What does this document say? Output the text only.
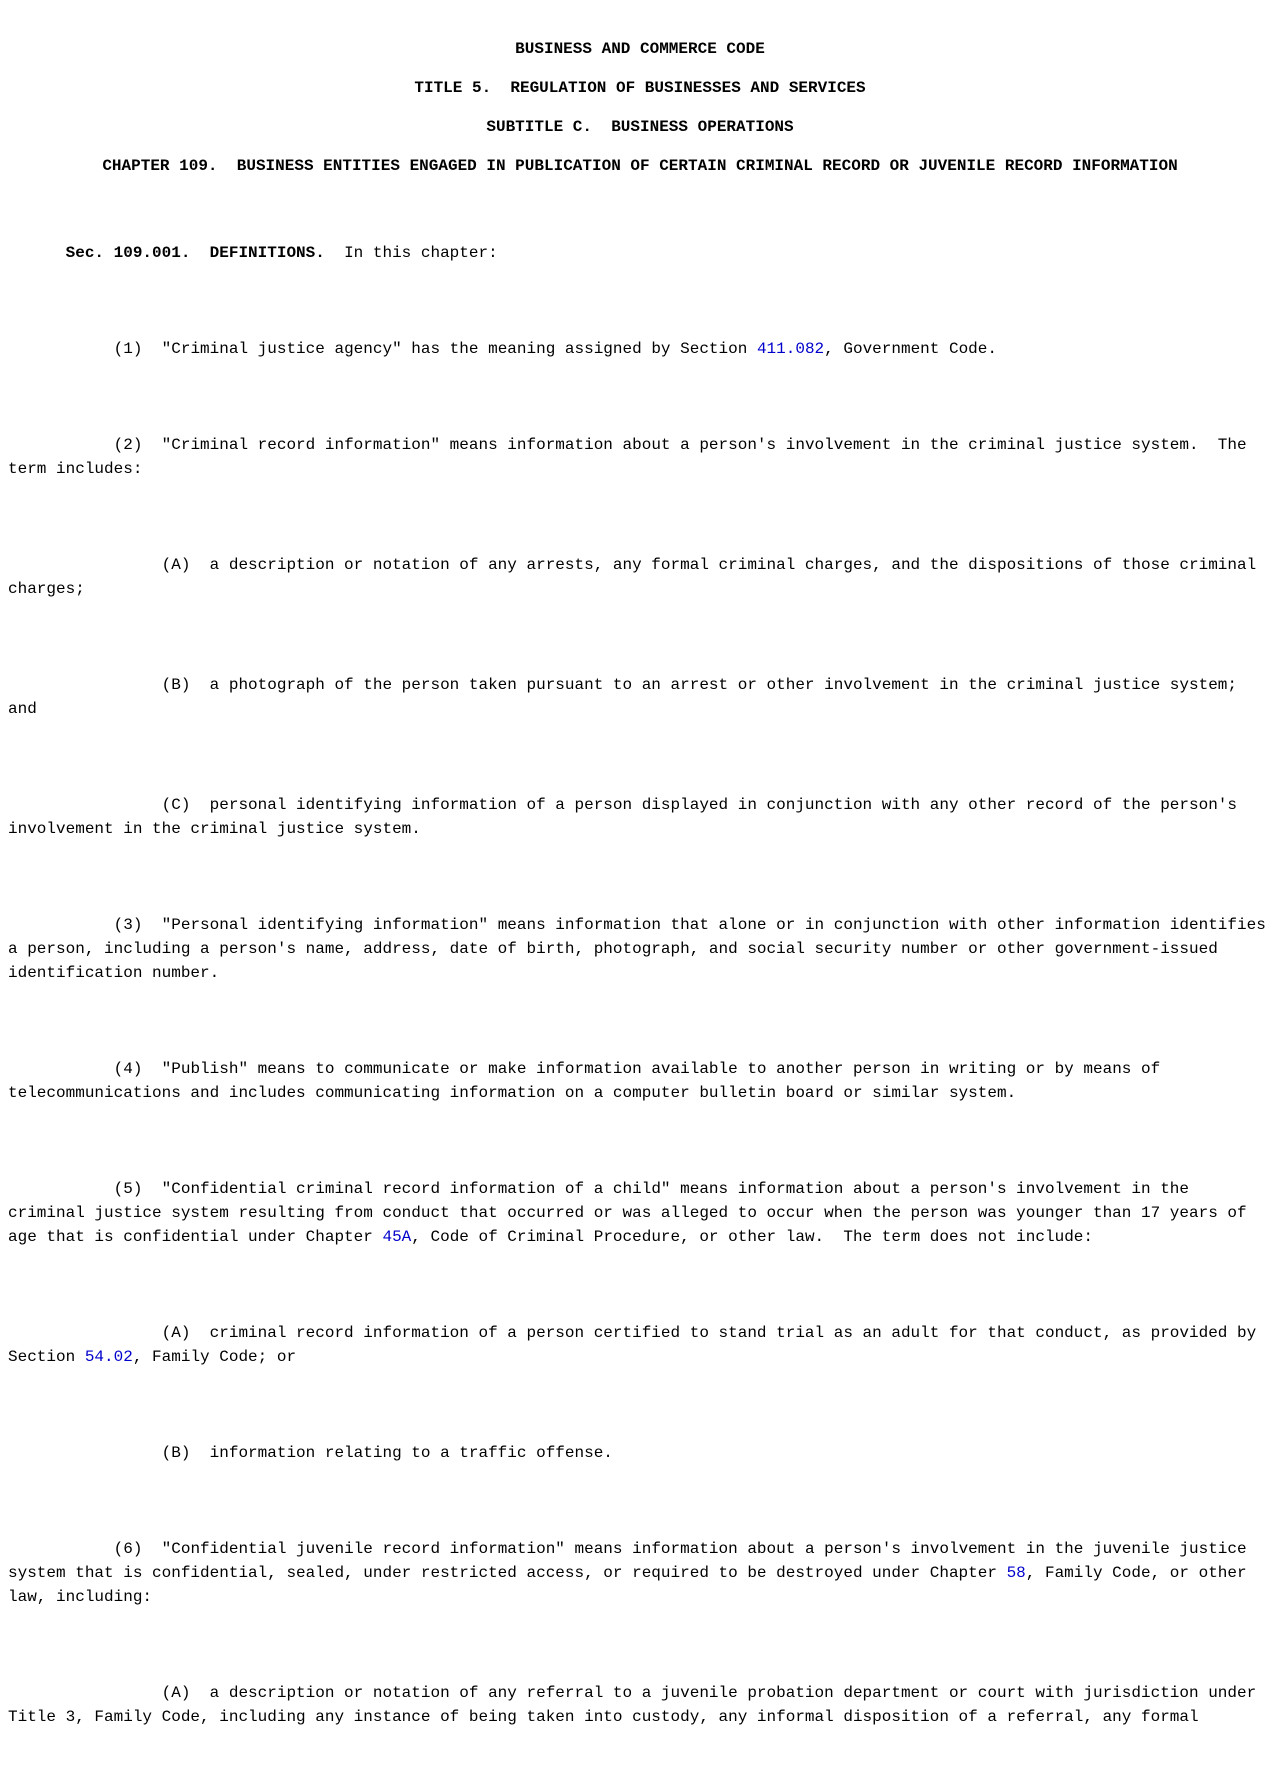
BUSINESS AND COMMERCE CODE

TITLE 5.  REGULATION OF BUSINESSES AND SERVICES

SUBTITLE C.  BUSINESS OPERATIONS

CHAPTER 109.  BUSINESS ENTITIES ENGAGED IN PUBLICATION OF CERTAIN CRIMINAL RECORD OR JUVENILE RECORD INFORMATION

Sec. 109.001.  DEFINITIONS.  In this chapter:

(1)  "Criminal justice agency" has the meaning assigned by Section 411.082, Government Code.

(2)  "Criminal record information" means information about a person's involvement in the criminal justice system.  The term includes:

(A)  a description or notation of any arrests, any formal criminal charges, and the dispositions of those criminal charges;

(B)  a photograph of the person taken pursuant to an arrest or other involvement in the criminal justice system; and

(C)  personal identifying information of a person displayed in conjunction with any other record of the person's involvement in the criminal justice system.

(3)  "Personal identifying information" means information that alone or in conjunction with other information identifies a person, including a person's name, address, date of birth, photograph, and social security number or other government-issued identification number.

(4)  "Publish" means to communicate or make information available to another person in writing or by means of telecommunications and includes communicating information on a computer bulletin board or similar system.

(5)  "Confidential criminal record information of a child" means information about a person's involvement in the criminal justice system resulting from conduct that occurred or was alleged to occur when the person was younger than 17 years of age that is confidential under Chapter 45A, Code of Criminal Procedure, or other law.  The term does not include:

(A)  criminal record information of a person certified to stand trial as an adult for that conduct, as provided by Section 54.02, Family Code; or

(B)  information relating to a traffic offense.

(6)  "Confidential juvenile record information" means information about a person's involvement in the juvenile justice system that is confidential, sealed, under restricted access, or required to be destroyed under Chapter 58, Family Code, or other law, including:

(A)  a description or notation of any referral to a juvenile probation department or court with jurisdiction under Title 3, Family Code, including any instance of being taken into custody, any informal disposition of a referral, any formal
